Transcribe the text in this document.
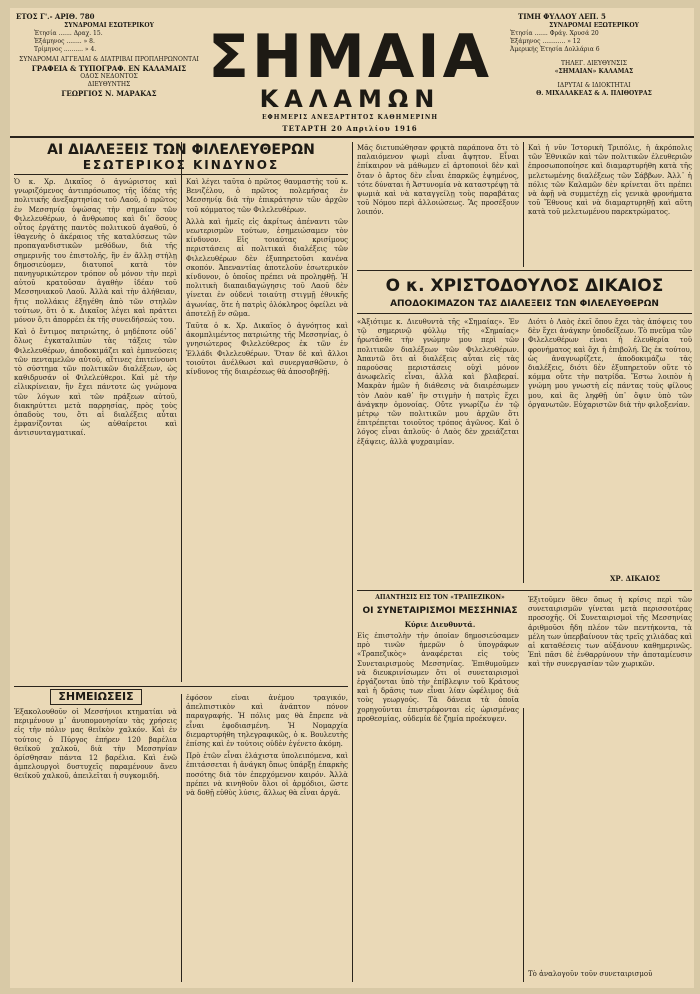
ΕΤΟΣ Γ'.- ΑΡΙΘ. 780	ΤΙΜΗ ΦΥΛΛΟΥ ΛΕΠ. 5
ΣΥΝΔΡΟΜΑΙ ΕΣΩΤΕΡΙΚΟΥ
Ἐτησία ....... Δραχ. 15.
Ἑξάμηνος ........ » 8.
Τρίμηνος .......... » 4.
ΣΥΝΔΡΟΜΑΙ ΑΓΓΕΛΙΑΙ & ΔΙΑΤΡΙΒΑΙ ΠΡΟΠΛΗΡΩΝΟΝΤΑΙ
ΓΡΑΦΕΙΑ & ΤΥΠΟΓΡΑΦ. ΕΝ ΚΑΛΑΜΑΙΣ
ΟΔΟΣ ΝΕΔΟΝΤΟΣ
ΔΙΕΥΘΥΝΤΗΣ
ΓΕΩΡΓΙΟΣ Ν. ΜΑΡΑΚΑΣ
ΣΗΜΑΙΑ
ΚΑΛΑΜΩΝ
ΕΦΗΜΕΡΙΣ ΑΝΕΞΑΡΤΗΤΟΣ ΚΑΘΗΜΕΡΙΝΗ
ΤΕΤΑΡΤΗ 20 Απριλίου 1916
ΣΥΝΔΡΟΜΑΙ ΕΞΩΤΕΡΙΚΟΥ
Ἐτησία ....... Φράγ. Χρυσά 20
Ἑξάμηνος ............ » 12
Ἀμερικής Ἐτησία Δολλάρια 6
ΤΗΛΕΓ. ΔΙΕΥΘΥΝΣΙΣ
«ΣΗΜΑΙΑΝ» ΚΑΛΑΜΑΣ
ΙΔΡΥΤΑΙ & ΙΔΙΟΚΤΗΤΑΙ
Θ. ΜΙΧΑΛΑΚΕΑΣ & Α. ΠΛΙΘΟΥΡΑΣ
ΑΙ ΔΙΑΛΕΞΕΙΣ ΤΩΝ ΦΙΛΕΛΕΥΘΕΡΩΝ
ΕΣΩΤΕΡΙΚΟΣ ΚΙΝΔΥΝΟΣ

Ὁ κ. Χρ. Δικαῖος ὁ ἀγνώριστος καὶ γνωριζόμενος ἀντιπρόσωπος τῆς ἰδέας τῆς πολιτικῆς ἀνεξαρτησίας τοῦ Λαοῦ, ὁ πρῶτος ἐν Μεσσηνίᾳ ὑψώσας τὴν σημαίαν τῶν Φιλελευθέρων, ὁ ἄνθρωπος καὶ δι᾽ ὅσους οὗτος ἐργάτης παντὸς πολιτικοῦ ἀγαθοῦ, ὁ ἰθαγενὴς ὁ ἀκέραιος τῆς καταλύσεως τῶν προπαγανδιστικῶν μεθόδων, διὰ τῆς σημερινῆς του ἐπιστολῆς, ἣν ἐν ἄλλῃ στήλῃ δημοσιεύομεν, διατυποῖ κατὰ τὸν πανηγυρικώτερον τρόπον οὗ μόνον τὴν περὶ αὐτοῦ κρατοῦσαν ἀγαθὴν ἰδέαν τοῦ Μεσσηνιακοῦ Λαοῦ. Ἀλλὰ καὶ τὴν ἀλήθειαν, ἥτις πολλάκις ἐξηγέθη ἀπὸ τῶν στηλῶν τούτων, ὅτι ὁ κ. Δικαῖος λέγει καὶ πράττει μόνον ὅ,τι ἀπορρέει ἐκ τῆς συνειδήσεώς του.

Καὶ ὁ ἔντιμος πατριώτης, ὁ μηδέποτε οὐδ᾽ ὅλως ἐγκαταλιπὼν τὰς τάξεις τῶν Φιλελευθέρων, ἀποδοκιμάζει καὶ ἐμπνεύσεις τῶν πενταμελῶν αὐτοῦ, αἵτινες ἐπιτείνουσι τὸ σύστημα τῶν πολιτικῶν διαλέξεων, ὡς καθιδρυσάν οἱ Φιλελεύθεροι. Καὶ μὲ τὴν εἰλικρίνειαν, ἣν ἔχει πάντοτε ὡς γνώμονα τῶν λόγων καὶ τῶν πράξεων αὐτοῦ, διακηρύττει μετὰ παρρησίας, πρὸς τοὺς ὁπαδοὺς του, ὅτι αἱ διαλέξεις αὗται ἐμφανίζονται ὡς αὐθαίρετοι καὶ ἀντισυνταγματικαί.

Καὶ λέγει ταῦτα ὁ πρῶτος θαυμαστὴς τοῦ κ. Βενιζέλου, ὁ πρῶτος πολεμήσας ἐν Μεσσηνίᾳ διὰ τὴν ἐπικράτησιν τῶν ἀρχῶν τοῦ κόμματος τῶν Φιλελευθέρων.

Ἀλλὰ καὶ ἡμεῖς εἰς ἀκρίτως ἀπέναντι τῶν νεωτερισμῶν τούτων, ἐσημειώσαμεν τὸν κίνδυνον. Εἰς τοιαύτας κρισίμους περιστάσεις αἱ πολιτικαὶ διαλέξεις τῶν Φιλελευθέρων δὲν ἐξυπηρετοῦσι κανένα σκοπόν. Ἀπεναντίας ἀποτελοῦν ἐσωτερικὸν κίνδυνον, ὁ ὁποῖος πρέπει νὰ προληφθῇ. Ἡ πολιτικὴ διαπαιδαγώγησις τοῦ Λαοῦ δὲν γίνεται ἐν οὐδενὶ τοιαύτῃ στιγμῇ ἐθνικῆς ἀγωνίας, ὅτε ἡ πατρὶς ὁλόκληρος ὀφείλει νὰ ἀποτελῇ ἓν σῶμα.

Ταῦτα ὁ κ. Χρ. Δικαῖος ὁ ἀγνόητος καὶ ἀκομπλιμέντος πατριώτης τῆς Μεσσηνίας, ὁ γνησιώτερος Φιλελεύθερος ἐκ τῶν ἐν Ἑλλάδι Φιλελευθέρων. Ὅταν δὲ καὶ ἄλλοι τοιοῦτοι ἀνέλθωσι καὶ συνεργασθῶσιν, ὁ κίνδυνος τῆς διαιρέσεως θὰ ἀποσοβηθῇ.

Μᾶς διετυπώθησαν φρικτὰ παράπονα ὅτι τὸ παλαιόμενον ψωμὶ εἶναι ἄψητον. Εἶναι ἐπίκαιρον νὰ μάθωμεν εἰ ἀρτοποιοὶ δὲν καὶ ὅταν ὁ ἄρτος δὲν εἶναι ἐπαρκῶς ἐψημένος, τότε δύναται ἡ Ἀστυνομία νὰ καταστρέψῃ τὰ ψωμιὰ καὶ νὰ καταγγείλῃ τοὺς παραβάτας τοῦ Νόμου περὶ ἀλλοιώσεως. Ἂς προσέξουν λοιπόν.

Καὶ ἡ νῦν Ἰστορικὴ Τριπόλις, ἡ ἀκρόπολις τῶν Ἐθνικῶν καὶ τῶν πολιτικῶν ἐλευθεριῶν ἐπροσωποποίησε καὶ διαμαρτυρήθη κατὰ τῆς μελετωμένης διαλέξεως τῶν Σάββων. Ἀλλ᾽ ἡ πόλις τῶν Καλαμῶν δὲν κρίνεται ὅτι πρέπει νὰ ἀφῇ νὰ συμμετέχῃ εἰς γενικὰ φρονήματα τοῦ Ἔθνους καὶ νὰ διαμαρτυρηθῇ καὶ αὕτη κατὰ τοῦ μελετωμένου παρεκτρώματος.

Ο κ. ΧΡΙΣΤΟΔΟΥΛΟΣ ΔΙΚΑΙΟΣ
ΑΠΟΔΟΚΙΜΑΖΟΝ ΤΑΣ ΔΙΑΛΕΞΕΙΣ ΤΩΝ ΦΙΛΕΛΕΥΘΕΡΩΝ

«Ἀξιότιμε κ. Διευθυντὰ τῆς «Σημαίας». Ἐν τῷ σημερινῷ φύλλῳ τῆς «Σημαίας» ἠρωτᾶσθε τὴν γνώμην μου περὶ τῶν πολιτικῶν διαλέξεων τῶν Φιλελευθέρων. Ἀπαντῶ ὅτι αἱ διαλέξεις αὗται εἰς τὰς παρούσας περιστάσεις οὐχὶ μόνον ἀνωφελεῖς εἶναι, ἀλλὰ καὶ βλαβεραί. Μακρὰν ἡμῶν ἡ διάθεσις νὰ διαιρέσωμεν τὸν Λαὸν καθ᾽ ἣν στιγμὴν ἡ πατρὶς ἔχει ἀνάγκην ὁμονοίας. Οὔτε γνωρίζω ἐν τῷ μέτρῳ τῶν πολιτικῶν μου ἀρχῶν ὅτι ἐπιτρέπεται τοιοῦτος τρόπος ἀγῶνος. Καὶ ὁ λόγος εἶναι ἁπλοῦς· ὁ Λαὸς δὲν χρειάζεται ἐξάψεις, ἀλλὰ ψυχραιμίαν.

Διότι ὁ Λαὸς ἐκεῖ ὅπου ἔχει τὰς ἀπόψεις του δὲν ἔχει ἀνάγκην ὑποδείξεων. Τὸ πνεῦμα τῶν Φιλελευθέρων εἶναι ἡ ἐλευθερία τοῦ φρονήματος καὶ ὄχι ἡ ἐπιβολή. Ὡς ἐκ τούτου, ὡς ἀναγνωρίζετε, ἀποδοκιμάζω τὰς διαλέξεις, διότι δὲν ἐξυπηρετοῦν οὔτε τὸ κόμμα οὔτε τὴν πατρίδα. Ἔστω λοιπὸν ἡ γνώμη μου γνωστὴ εἰς πάντας τοὺς φίλους μου, καὶ ἂς ληφθῇ ὑπ᾽ ὄψιν ὑπὸ τῶν ὀργανωτῶν. Εὐχαριστῶν διὰ τὴν φιλοξενίαν.

ΧΡ. ΔΙΚΑΙΟΣ
ΣΗΜΕΙΩΣΕΙΣ

Ἐξακολουθοῦν οἱ Μεσσήνιοι κτηματίαι νὰ περιμένουν μ᾽ ἀνυπομονησίαν τὰς χρήσεις εἰς τὴν πόλιν μας θειϊκὸν χαλκόν. Καὶ ἐν τούτοις ὁ Πύργος ἐπήρεν 120 βαρέλια θειϊκοῦ χαλκοῦ, διὰ τὴν Μεσσηνίαν ὀρίσθησαν πάντα 12 βαρέλια. Καὶ ἐνῶ ἀμπελουργοὶ δυστυχεῖς παραμένουν ἄνευ θειϊκοῦ χαλκοῦ, ἀπειλεῖται ἡ συγκομιδή.

ἐφόσον εἶναι ἀνέμου τραγικόν, ἀπελπιστικὸν καὶ ἀνάπτον πόνον παραγραφής. Ἡ πόλις μας θὰ ἔπρεπε νὰ εἶναι ἐφοδιασμένη. Ἡ Νομαρχία διεμαρτυρήθη τηλεγραφικῶς, ὁ κ. Βουλευτὴς ἐπίσης καὶ ἐν τούτοις οὐδὲν ἐγένετο ἀκόμη.

Πρὸ ἐτῶν εἶναι ἐλάχιστα ὑπολειπόμενα, καὶ ἐπιτάσσεται ἡ ἀνάγκη ὅπως ὑπάρξῃ ἐπαρκὴς ποσότης διὰ τὸν ἐπερχόμενον καιρόν. Ἀλλὰ πρέπει νὰ κινηθοῦν ὅλοι οἱ ἁρμόδιοι, ὥστε νὰ δοθῇ εὐθὺς λύσις, ἄλλως θὰ εἶναι ἀργά.

ΑΠΑΝΤΗΣΙΣ ΕΙΣ ΤΟΝ «ΤΡΑΠΕΖΙΚΟΝ»
ΟΙ ΣΥΝΕΤΑΙΡΙΣΜΟΙ ΜΕΣΣΗΝΙΑΣ
Κύριε Διευθυντά.

Εἰς ἐπιστολὴν τὴν ὁποίαν δημοσιεύσαμεν πρὸ τινῶν ἡμερῶν ὁ ὑπογράφων «Τραπεζικὸς» ἀναφέρεται εἰς τοὺς Συνεταιρισμοὺς Μεσσηνίας. Ἐπιθυμοῦμεν νὰ διευκρινίσωμεν ὅτι οἱ συνεταιρισμοὶ ἐργάζονται ὑπὸ τὴν ἐπίβλεψιν τοῦ Κράτους καὶ ἡ δρᾶσις των εἶναι λίαν ὠφέλιμος διὰ τοὺς γεωργούς. Τὰ δάνεια τὰ ὁποῖα χορηγοῦνται ἐπιστρέφονται εἰς ὡρισμένας προθεσμίας, οὐδεμία δὲ ζημία προέκυψεν.

Ἐξιτοῦμεν ὅθεν ὅπως ἡ κρίσις περὶ τῶν συνεταιρισμῶν γίνεται μετὰ περισσοτέρας προσοχῆς. Οἱ Συνεταιρισμοὶ τῆς Μεσσηνίας ἀριθμοῦσι ἤδη πλέον τῶν πεντήκοντα, τὰ μέλη των ὑπερβαίνουν τὰς τρεῖς χιλιάδας καὶ αἱ καταθέσεις των αὐξάνουν καθημερινῶς. Ἐπὶ πᾶσι δὲ ἐνθαρρύνουν τὴν ἀποταμίευσιν καὶ τὴν συνεργασίαν τῶν χωρικῶν.

Τὸ ἀναλογοῦν τοῦν συνεταιρισμοῦ
